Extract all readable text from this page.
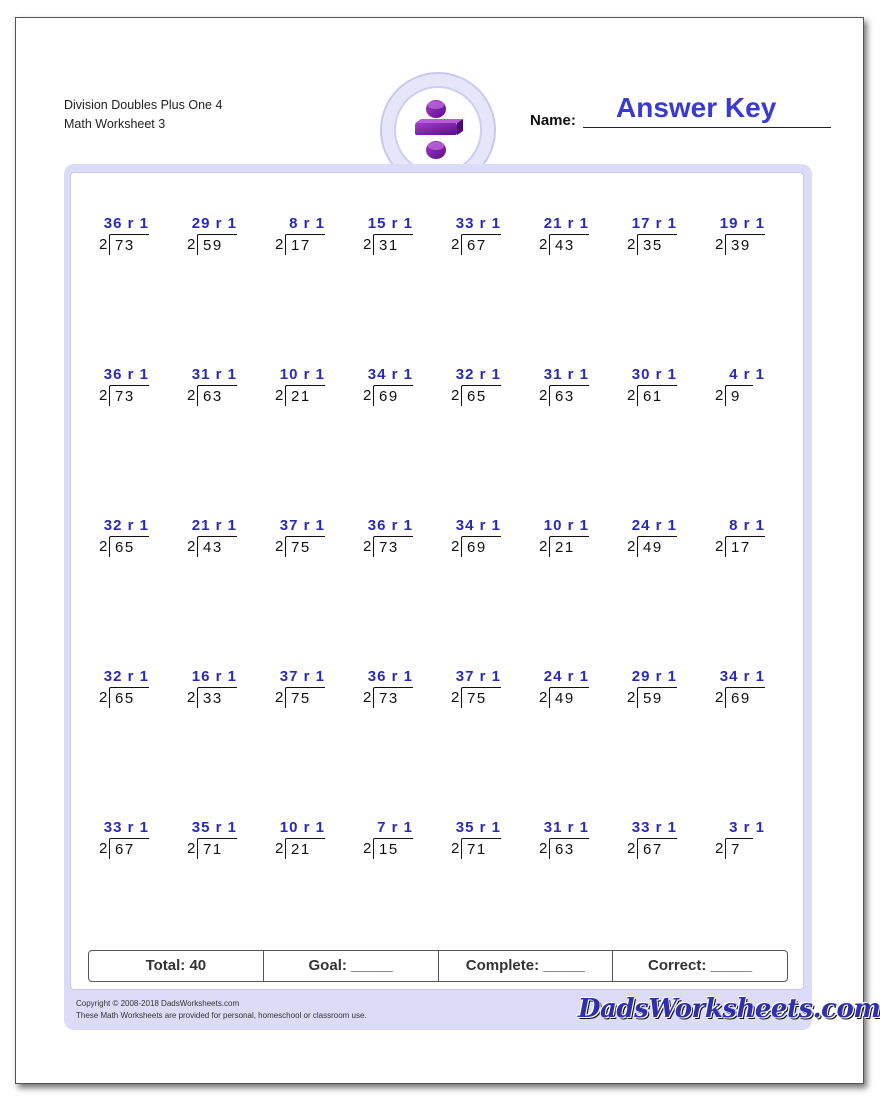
Division Doubles Plus One 4
Math Worksheet 3
Answer Key
Name:
36 r 1
2 73
29 r 1
2 59
8 r 1
2 17
15 r 1
2 31
33 r 1
2 67
21 r 1
2 43
17 r 1
2 35
19 r 1
2 39
36 r 1
2 73
31 r 1
2 63
10 r 1
2 21
34 r 1
2 69
32 r 1
2 65
31 r 1
2 63
30 r 1
2 61
4 r 1
2 9
32 r 1
2 65
21 r 1
2 43
37 r 1
2 75
36 r 1
2 73
34 r 1
2 69
10 r 1
2 21
24 r 1
2 49
8 r 1
2 17
32 r 1
2 65
16 r 1
2 33
37 r 1
2 75
36 r 1
2 73
37 r 1
2 75
24 r 1
2 49
29 r 1
2 59
34 r 1
2 69
33 r 1
2 67
35 r 1
2 71
10 r 1
2 21
7 r 1
2 15
35 r 1
2 71
31 r 1
2 63
33 r 1
2 67
3 r 1
2 7
Total: 40	Goal: _____	Complete: _____	Correct: _____
Copyright © 2008-2018 DadsWorksheets.com
These Math Worksheets are provided for personal, homeschool or classroom use.	DadsWorksheets.com
